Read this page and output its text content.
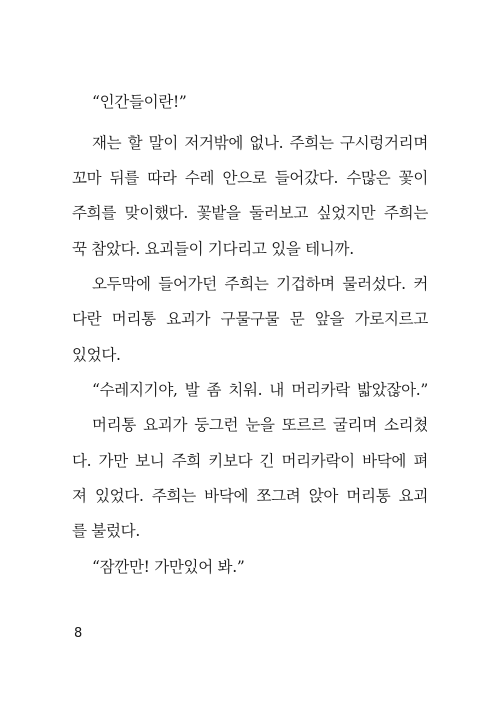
“인간들이란!”
재는 할 말이 저거밖에 없나. 주희는 구시렁거리며
꼬마 뒤를 따라 수레 안으로 들어갔다. 수많은 꽃이
주희를 맞이했다. 꽃밭을 둘러보고 싶었지만 주희는
꾹 참았다. 요괴들이 기다리고 있을 테니까.
오두막에 들어가던 주희는 기겁하며 물러섰다. 커
다란 머리통 요괴가 구물구물 문 앞을 가로지르고
있었다.
“수레지기야, 발 좀 치워. 내 머리카락 밟았잖아.”
머리통 요괴가 둥그런 눈을 또르르 굴리며 소리쳤
다. 가만 보니 주희 키보다 긴 머리카락이 바닥에 펴
져 있었다. 주희는 바닥에 쪼그려 앉아 머리통 요괴
를 불렀다.
“잠깐만! 가만있어 봐.”
8
